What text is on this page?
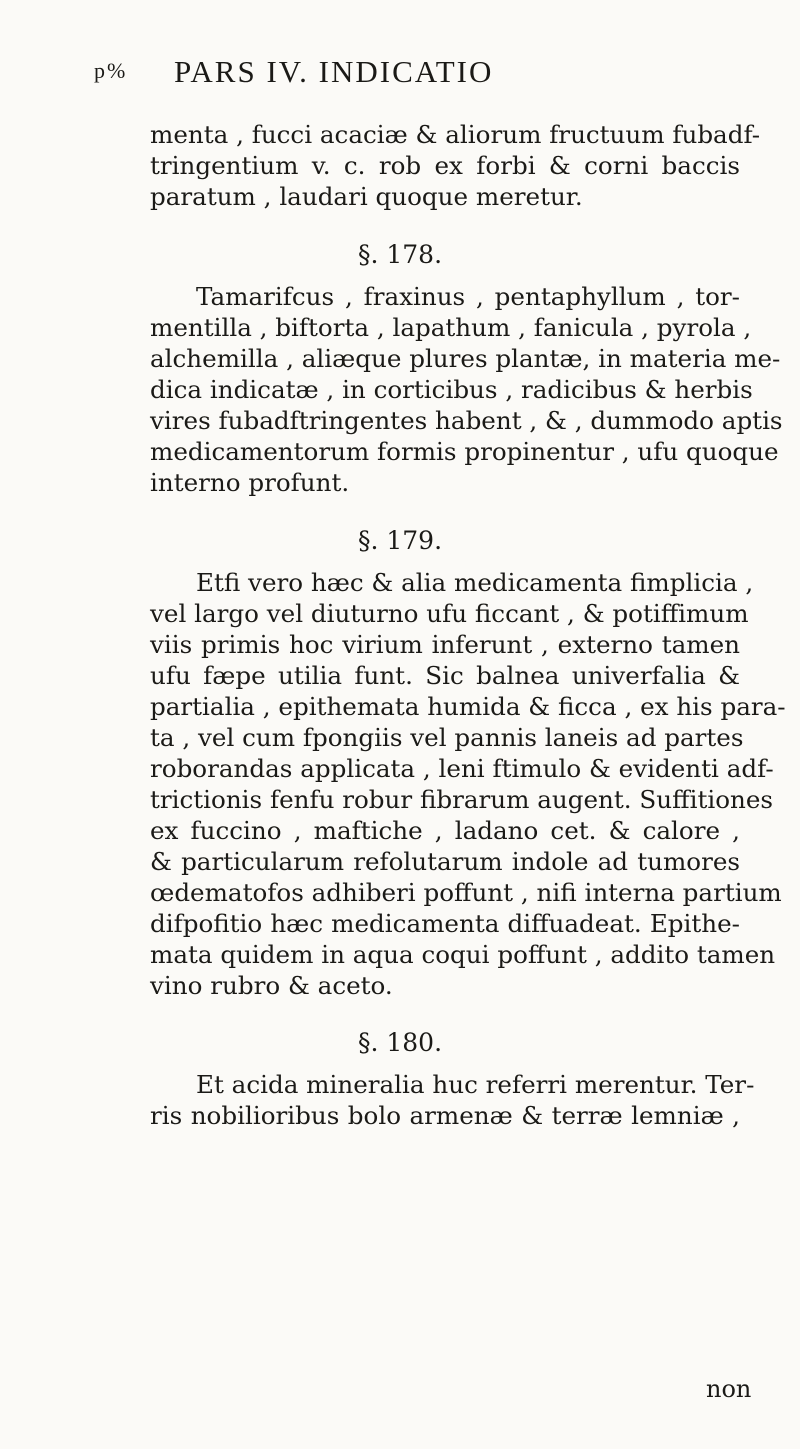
p% PARS IV. INDICATIO
menta , fucci acaciæ & aliorum fructuum fubadf-
tringentium v. c. rob ex forbi & corni baccis
paratum , laudari quoque meretur.
§. 178.
Tamarifcus , fraxinus , pentaphyllum , tor-
mentilla , biftorta , lapathum , fanicula , pyrola ,
alchemilla , aliæque plures plantæ, in materia me-
dica indicatæ , in corticibus , radicibus & herbis
vires fubadftringentes habent , & , dummodo aptis
medicamentorum formis propinentur , ufu quoque
interno profunt.
§. 179.
Etfi vero hæc & alia medicamenta fimplicia ,
vel largo vel diuturno ufu ficcant , & potiffimum
viis primis hoc virium inferunt , externo tamen
ufu fæpe utilia funt. Sic balnea univerfalia &
partialia , epithemata humida & ficca , ex his para-
ta , vel cum fpongiis vel pannis laneis ad partes
roborandas applicata , leni ftimulo & evidenti adf-
trictionis fenfu robur fibrarum augent. Suffitiones
ex fuccino , maftiche , ladano cet. & calore ,
& particularum refolutarum indole ad tumores
œdematofos adhiberi poffunt , nifi interna partium
difpofitio hæc medicamenta diffuadeat. Epithe-
mata quidem in aqua coqui poffunt , addito tamen
vino rubro & aceto.
§. 180.
Et acida mineralia huc referri merentur. Ter-
ris nobilioribus bolo armenæ & terræ lemniæ ,
non
